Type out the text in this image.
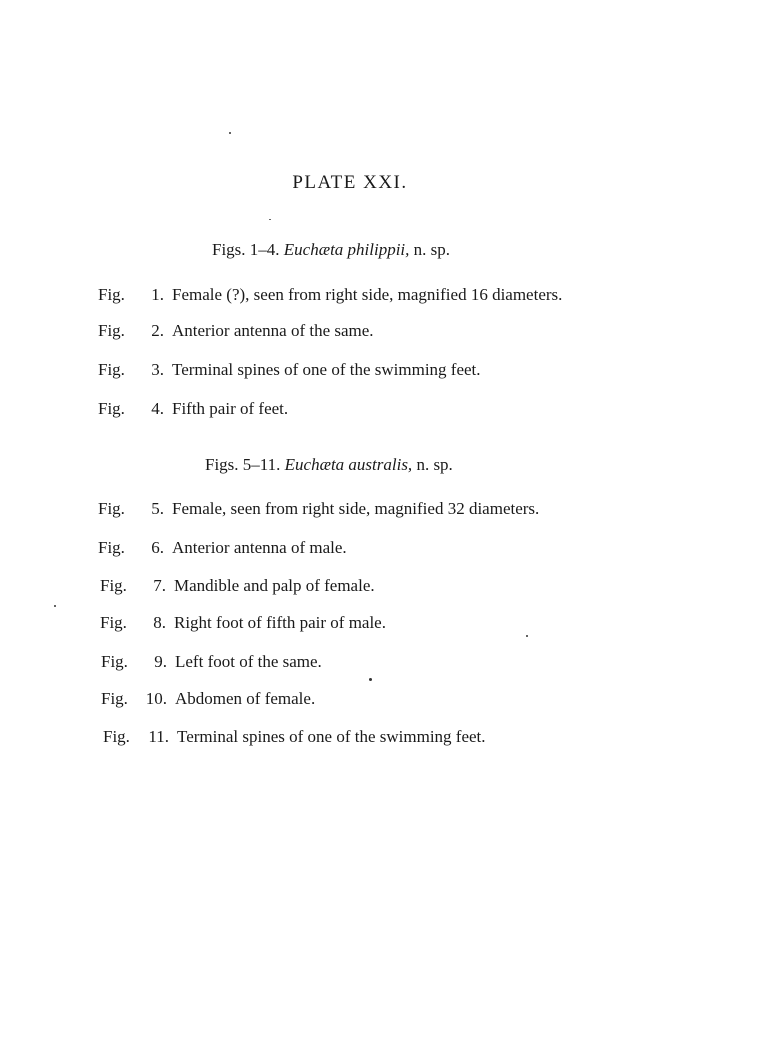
PLATE XXI.
Figs. 1–4. Euchæta philippii, n. sp.
Fig.	1. Female (?), seen from right side, magnified 16 diameters.
Fig.	2. Anterior antenna of the same.
Fig.	3. Terminal spines of one of the swimming feet.
Fig.	4. Fifth pair of feet.
Figs. 5–11. Euchæta australis, n. sp.
Fig.	5. Female, seen from right side, magnified 32 diameters.
Fig.	6. Anterior antenna of male.
Fig.	7. Mandible and palp of female.
Fig.	8. Right foot of fifth pair of male.
Fig.	9. Left foot of the same.
Fig.	10. Abdomen of female.
Fig.	11. Terminal spines of one of the swimming feet.
